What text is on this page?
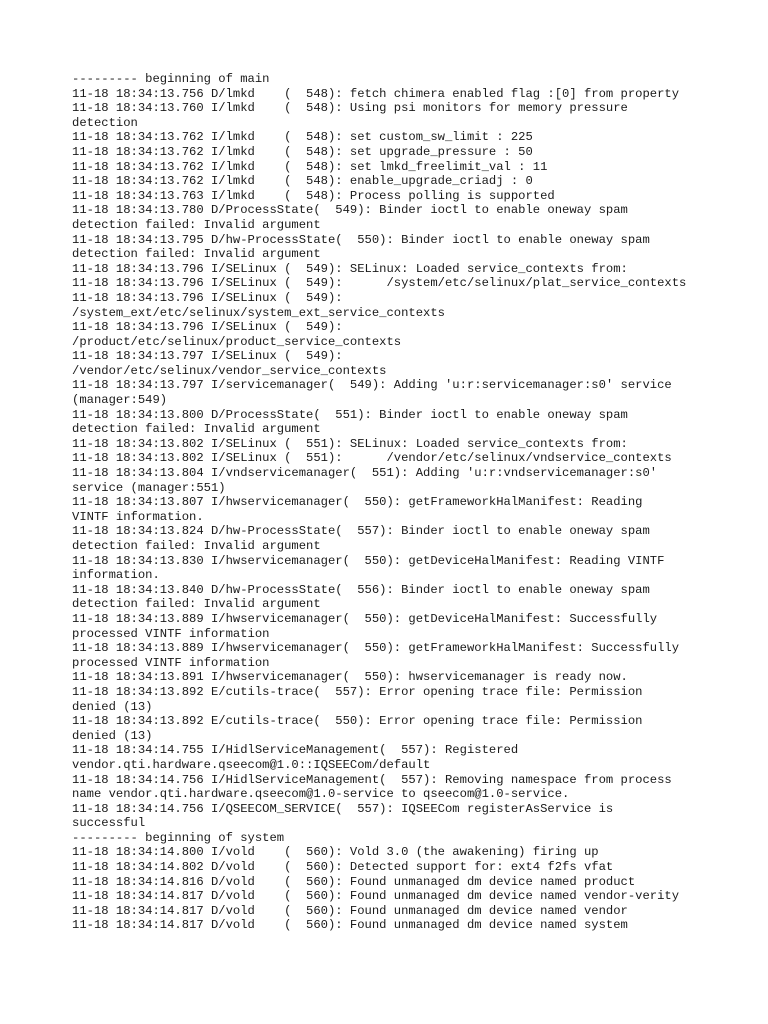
--------- beginning of main
11-18 18:34:13.756 D/lmkd    (  548): fetch chimera enabled flag :[0] from property
11-18 18:34:13.760 I/lmkd    (  548): Using psi monitors for memory pressure
detection
11-18 18:34:13.762 I/lmkd    (  548): set custom_sw_limit : 225
11-18 18:34:13.762 I/lmkd    (  548): set upgrade_pressure : 50
11-18 18:34:13.762 I/lmkd    (  548): set lmkd_freelimit_val : 11
11-18 18:34:13.762 I/lmkd    (  548): enable_upgrade_criadj : 0
11-18 18:34:13.763 I/lmkd    (  548): Process polling is supported
11-18 18:34:13.780 D/ProcessState(  549): Binder ioctl to enable oneway spam
detection failed: Invalid argument
11-18 18:34:13.795 D/hw-ProcessState(  550): Binder ioctl to enable oneway spam
detection failed: Invalid argument
11-18 18:34:13.796 I/SELinux (  549): SELinux: Loaded service_contexts from:
11-18 18:34:13.796 I/SELinux (  549):      /system/etc/selinux/plat_service_contexts
11-18 18:34:13.796 I/SELinux (  549):
/system_ext/etc/selinux/system_ext_service_contexts
11-18 18:34:13.796 I/SELinux (  549):
/product/etc/selinux/product_service_contexts
11-18 18:34:13.797 I/SELinux (  549):
/vendor/etc/selinux/vendor_service_contexts
11-18 18:34:13.797 I/servicemanager(  549): Adding 'u:r:servicemanager:s0' service
(manager:549)
11-18 18:34:13.800 D/ProcessState(  551): Binder ioctl to enable oneway spam
detection failed: Invalid argument
11-18 18:34:13.802 I/SELinux (  551): SELinux: Loaded service_contexts from:
11-18 18:34:13.802 I/SELinux (  551):      /vendor/etc/selinux/vndservice_contexts
11-18 18:34:13.804 I/vndservicemanager(  551): Adding 'u:r:vndservicemanager:s0'
service (manager:551)
11-18 18:34:13.807 I/hwservicemanager(  550): getFrameworkHalManifest: Reading
VINTF information.
11-18 18:34:13.824 D/hw-ProcessState(  557): Binder ioctl to enable oneway spam
detection failed: Invalid argument
11-18 18:34:13.830 I/hwservicemanager(  550): getDeviceHalManifest: Reading VINTF
information.
11-18 18:34:13.840 D/hw-ProcessState(  556): Binder ioctl to enable oneway spam
detection failed: Invalid argument
11-18 18:34:13.889 I/hwservicemanager(  550): getDeviceHalManifest: Successfully
processed VINTF information
11-18 18:34:13.889 I/hwservicemanager(  550): getFrameworkHalManifest: Successfully
processed VINTF information
11-18 18:34:13.891 I/hwservicemanager(  550): hwservicemanager is ready now.
11-18 18:34:13.892 E/cutils-trace(  557): Error opening trace file: Permission
denied (13)
11-18 18:34:13.892 E/cutils-trace(  550): Error opening trace file: Permission
denied (13)
11-18 18:34:14.755 I/HidlServiceManagement(  557): Registered
vendor.qti.hardware.qseecom@1.0::IQSEECom/default
11-18 18:34:14.756 I/HidlServiceManagement(  557): Removing namespace from process
name vendor.qti.hardware.qseecom@1.0-service to qseecom@1.0-service.
11-18 18:34:14.756 I/QSEECOM_SERVICE(  557): IQSEECom registerAsService is
successful
--------- beginning of system
11-18 18:34:14.800 I/vold    (  560): Vold 3.0 (the awakening) firing up
11-18 18:34:14.802 D/vold    (  560): Detected support for: ext4 f2fs vfat
11-18 18:34:14.816 D/vold    (  560): Found unmanaged dm device named product
11-18 18:34:14.817 D/vold    (  560): Found unmanaged dm device named vendor-verity
11-18 18:34:14.817 D/vold    (  560): Found unmanaged dm device named vendor
11-18 18:34:14.817 D/vold    (  560): Found unmanaged dm device named system
